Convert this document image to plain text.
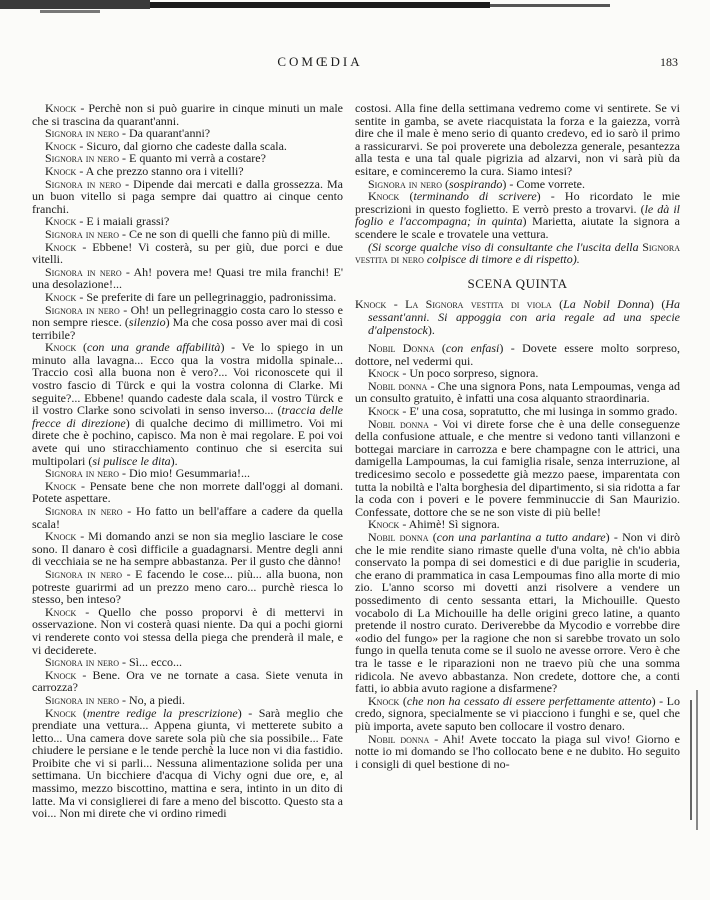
COMŒDIA	183

Knock - Perchè non si può guarire in cinque minuti un male che si trascina da quarant'anni.

Signora in nero - Da quarant'anni?

Knock - Sicuro, dal giorno che cadeste dalla scala.

Signora in nero - E quanto mi verrà a costare?

Knock - A che prezzo stanno ora i vitelli?

Signora in nero - Dipende dai mercati e dalla grossezza. Ma un buon vitello si paga sempre dai quattro ai cinque cento franchi.

Knock - E i maiali grassi?

Signora in nero - Ce ne son di quelli che fanno più di mille.

Knock - Ebbene! Vi costerà, su per giù, due porci e due vitelli.

Signora in nero - Ah! povera me! Quasi tre mila franchi! E' una desolazione!...

Knock - Se preferite di fare un pellegrinaggio, padronissima.

Signora in nero - Oh! un pellegrinaggio costa caro lo stesso e non sempre riesce. (silenzio) Ma che cosa posso aver mai di così terribile?

Knock (con una grande affabilità) - Ve lo spiego in un minuto alla lavagna... Ecco qua la vostra midolla spinale... Traccio così alla buona non è vero?... Voi riconoscete qui il vostro fascio di Türck e qui la vostra colonna di Clarke. Mi seguite?... Ebbene! quando cadeste dala scala, il vostro Türck e il vostro Clarke sono scivolati in senso inverso... (traccia delle frecce di direzione) di qualche decimo di millimetro. Voi mi direte che è pochino, capisco. Ma non è mai regolare. E poi voi avete qui uno stiracchiamento continuo che si esercita sui multipolari (si pulisce le dita).

Signora in nero - Dio mio! Gesummaria!...

Knock - Pensate bene che non morrete dall'oggi al domani. Potete aspettare.

Signora in nero - Ho fatto un bell'affare a cadere da quella scala!

Knock - Mi domando anzi se non sia meglio lasciare le cose sono. Il danaro è così difficile a guadagnarsi. Mentre degli anni di vecchiaia se ne ha sempre abbastanza. Per il gusto che dànno!

Signora in nero - E facendo le cose... più... alla buona, non potreste guarirmi ad un prezzo meno caro... purchè riesca lo stesso, ben inteso?

Knock - Quello che posso proporvi è di mettervi in osservazione. Non vi costerà quasi niente. Da qui a pochi giorni vi renderete conto voi stessa della piega che prenderà il male, e vi deciderete.

Signora in nero - Sì... ecco...

Knock - Bene. Ora ve ne tornate a casa. Siete venuta in carrozza?

Signora in nero - No, a piedi.

Knock (mentre redige la prescrizione) - Sarà meglio che prendiate una vettura... Appena giunta, vi metterete subito a letto... Una camera dove sarete sola più che sia possibile... Fate chiudere le persiane e le tende perchè la luce non vi dia fastidio. Proibite che vi si parli... Nessuna alimentazione solida per una settimana. Un bicchiere d'acqua di Vichy ogni due ore, e, al massimo, mezzo biscottino, mattina e sera, intinto in un dito di latte. Ma vi consiglierei di fare a meno del biscotto. Questo sta a voi... Non mi direte che vi ordino rimedi

costosi. Alla fine della settimana vedremo come vi sentirete. Se vi sentite in gamba, se avete riacquistata la forza e la gaiezza, vorrà dire che il male è meno serio di quanto credevo, ed io sarò il primo a rassicurarvi. Se poi proverete una debolezza generale, pesantezza alla testa e una tal quale pigrizia ad alzarvi, non vi sarà più da esitare, e cominceremo la cura. Siamo intesi?

Signora in nero (sospirando) - Come vorrete.

Knock (terminando di scrivere) - Ho ricordato le mie prescrizioni in questo foglietto. E verrò presto a trovarvi. (le dà il foglio e l'accompagna; in quinta) Marietta, aiutate la signora a scendere le scale e trovatele una vettura.

(Si scorge qualche viso di consultante che l'uscita della Signora vestita di nero colpisce di timore e di rispetto).

SCENA QUINTA

Knock - La Signora vestita di viola (La Nobil Donna) (Ha sessant'anni. Si appoggia con aria regale ad una specie d'alpenstock).

Nobil Donna (con enfasi) - Dovete essere molto sorpreso, dottore, nel vedermi qui.

Knock - Un poco sorpreso, signora.

Nobil donna - Che una signora Pons, nata Lempoumas, venga ad un consulto gratuito, è infatti una cosa alquanto straordinaria.

Knock - E' una cosa, sopratutto, che mi lusinga in sommo grado.

Nobil donna - Voi vi direte forse che è una delle conseguenze della confusione attuale, e che mentre si vedono tanti villanzoni e bottegai marciare in carrozza e bere champagne con le attrici, una damigella Lampoumas, la cui famiglia risale, senza interruzione, al tredicesimo secolo e possedette già mezzo paese, imparentata con tutta la nobiltà e l'alta borghesia del dipartimento, si sia ridotta a far la coda con i poveri e le povere femminuccie di San Maurizio. Confessate, dottore che se ne son viste di più belle!

Knock - Ahimè! Sì signora.

Nobil donna (con una parlantina a tutto andare) - Non vi dirò che le mie rendite siano rimaste quelle d'una volta, nè ch'io abbia conservato la pompa di sei domestici e di due pariglie in scuderia, che erano di prammatica in casa Lempoumas fino alla morte di mio zio. L'anno scorso mi dovetti anzi risolvere a vendere un possedimento di cento sessanta ettari, la Michouille. Questo vocabolo di La Michouille ha delle origini greco latine, a quanto pretende il nostro curato. Deriverebbe da Mycodio e vorrebbe dire «odio del fungo» per la ragione che non si sarebbe trovato un solo fungo in quella tenuta come se il suolo ne avesse orrore. Vero è che tra le tasse e le riparazioni non ne traevo più che una somma ridicola. Ne avevo abbastanza. Non credete, dottore che, a conti fatti, io abbia avuto ragione a disfarmene?

Knock (che non ha cessato di essere perfettamente attento) - Lo credo, signora, specialmente se vi piacciono i funghi e se, quel che più importa, avete saputo ben collocare il vostro denaro.

Nobil donna - Ahi! Avete toccato la piaga sul vivo! Giorno e notte io mi domando se l'ho collocato bene e ne dubito. Ho seguito i consigli di quel bestione di no-
